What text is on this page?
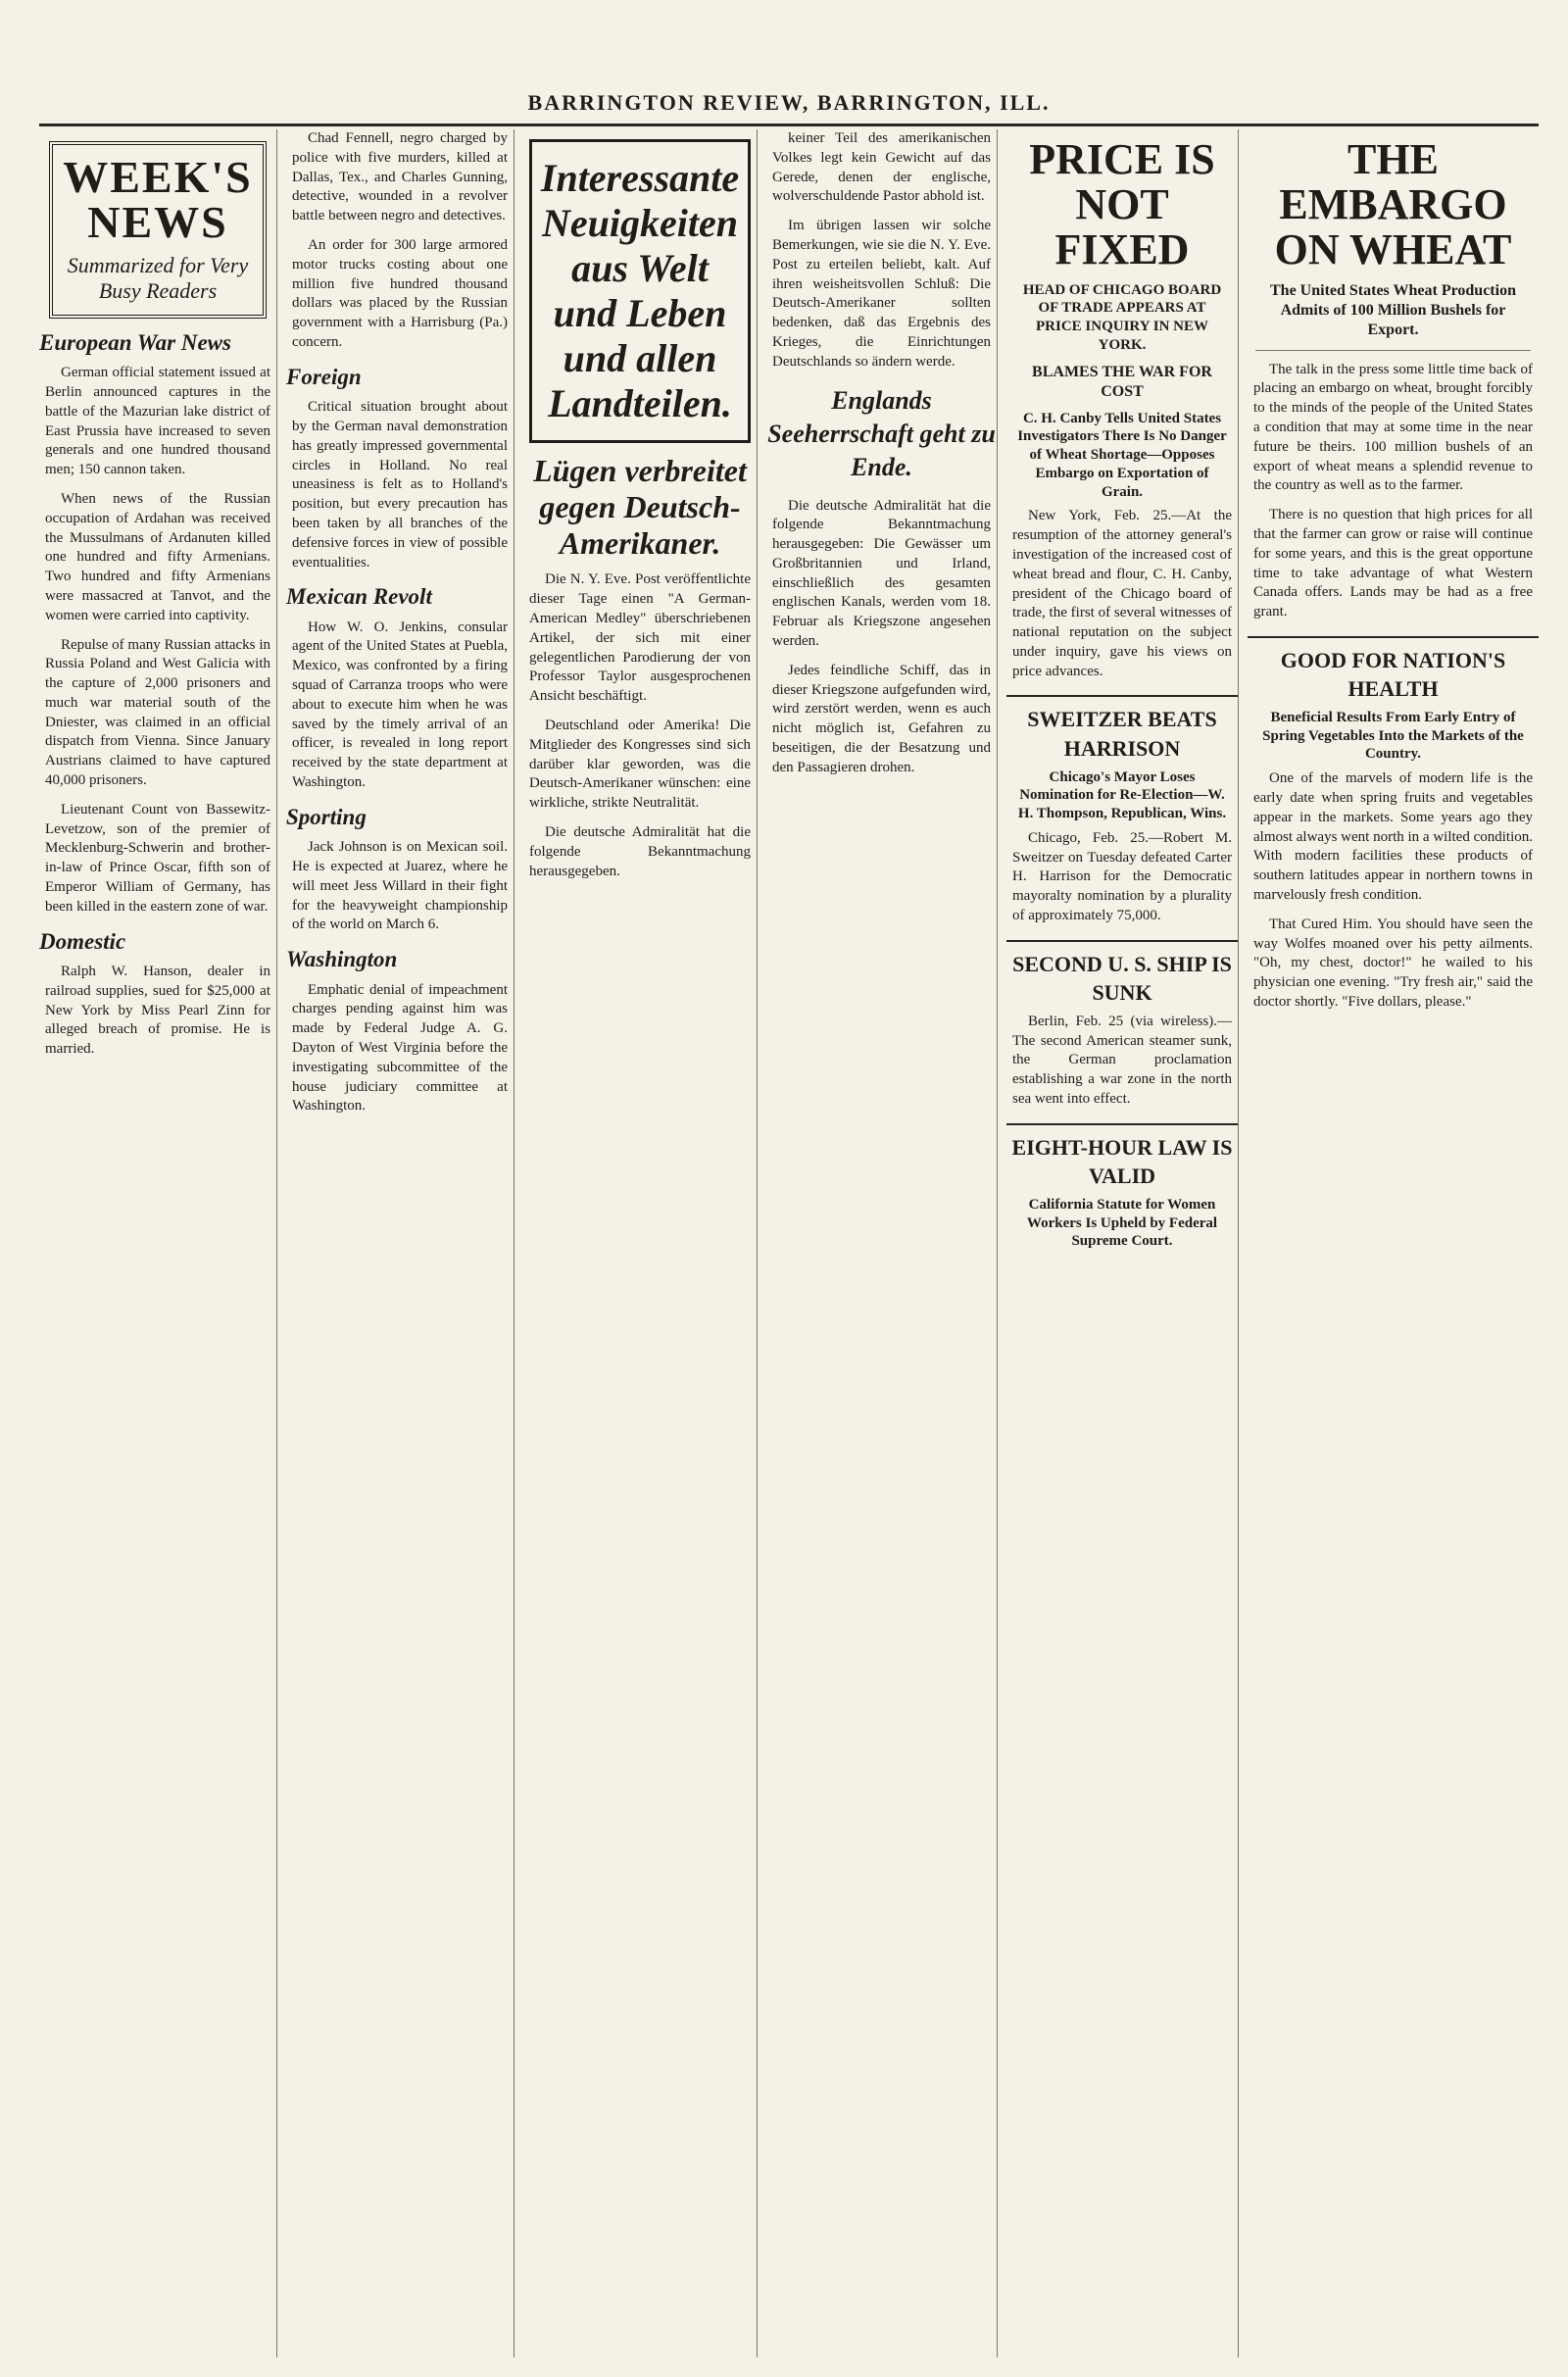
BARRINGTON REVIEW, BARRINGTON, ILL.
WEEK'S NEWS
Summarized for Very Busy Readers
European War News

German official statement issued at Berlin announced captures in the battle of the Mazurian lake district of East Prussia have increased to seven generals and one hundred thousand men; 150 cannon taken.

When news of the Russian occupation of Ardahan was received the Mussulmans of Ardanuten killed one hundred and fifty Armenians. Two hundred and fifty Armenians were massacred at Tanvot, and the women were carried into captivity.

Repulse of many Russian attacks in Russia Poland and West Galicia with the capture of 2,000 prisoners and much war material south of the Dniester, was claimed in an official dispatch from Vienna. Since January Austrians claimed to have captured 40,000 prisoners.

Lieutenant Count von Bassewitz-Levetzow, son of the premier of Mecklenburg-Schwerin and brother-in-law of Prince Oscar, fifth son of Emperor William of Germany, has been killed in the eastern zone of war.

Domestic

Ralph W. Hanson, dealer in railroad supplies, sued for $25,000 at New York by Miss Pearl Zinn for alleged breach of promise. He is married.

Chad Fennell, negro charged by police with five murders, killed at Dallas, Tex., and Charles Gunning, detective, wounded in a revolver battle between negro and detectives.

An order for 300 large armored motor trucks costing about one million five hundred thousand dollars was placed by the Russian government with a Harrisburg (Pa.) concern.

Foreign

Critical situation brought about by the German naval demonstration has greatly impressed governmental circles in Holland. No real uneasiness is felt as to Holland's position, but every precaution has been taken by all branches of the defensive forces in view of possible eventualities.

Mexican Revolt

How W. O. Jenkins, consular agent of the United States at Puebla, Mexico, was confronted by a firing squad of Carranza troops who were about to execute him when he was saved by the timely arrival of an officer, is revealed in long report received by the state department at Washington.

Sporting

Jack Johnson is on Mexican soil. He is expected at Juarez, where he will meet Jess Willard in their fight for the heavyweight championship of the world on March 6.

Washington

Emphatic denial of impeachment charges pending against him was made by Federal Judge A. G. Dayton of West Virginia before the investigating subcommittee of the house judiciary committee at Washington.

Interessante Neuigkeiten aus Welt und Leben und allen Landteilen.
Lügen verbreitet gegen Deutsch-Amerikaner.

Die N. Y. Eve. Post veröffentlichte dieser Tage einen "A German-American Medley" überschriebenen Artikel, der sich mit einer gelegentlichen Parodierung der von Professor Taylor ausgesprochenen Ansicht beschäftigt.

Deutschland oder Amerika! Die Mitglieder des Kongresses sind sich darüber klar geworden, was die Deutsch-Amerikaner wünschen: eine wirkliche, strikte Neutralität.

Die deutsche Admiralität hat die folgende Bekanntmachung herausgegeben.

keiner Teil des amerikanischen Volkes legt kein Gewicht auf das Gerede, denen der englische, wolverschuldende Pastor abhold ist.

Im übrigen lassen wir solche Bemerkungen, wie sie die N. Y. Eve. Post zu erteilen beliebt, kalt. Auf ihren weisheitsvollen Schluß: Die Deutsch-Amerikaner sollten bedenken, daß das Ergebnis des Krieges, die Einrichtungen Deutschlands so ändern werde.

Englands Seeherrschaft geht zu Ende.

Die deutsche Admiralität hat die folgende Bekanntmachung herausgegeben: Die Gewässer um Großbritannien und Irland, einschließlich des gesamten englischen Kanals, werden vom 18. Februar als Kriegszone angesehen werden.

Jedes feindliche Schiff, das in dieser Kriegszone aufgefunden wird, wird zerstört werden, wenn es auch nicht möglich ist, Gefahren zu beseitigen, die der Besatzung und den Passagieren drohen.

PRICE IS NOT FIXED
HEAD OF CHICAGO BOARD OF TRADE APPEARS AT PRICE INQUIRY IN NEW YORK.
BLAMES THE WAR FOR COST
C. H. Canby Tells United States Investigators There Is No Danger of Wheat Shortage—Opposes Embargo on Exportation of Grain.

New York, Feb. 25.—At the resumption of the attorney general's investigation of the increased cost of wheat bread and flour, C. H. Canby, president of the Chicago board of trade, the first of several witnesses of national reputation on the subject under inquiry, gave his views on price advances.

SWEITZER BEATS HARRISON
Chicago's Mayor Loses Nomination for Re-Election—W. H. Thompson, Republican, Wins.

Chicago, Feb. 25.—Robert M. Sweitzer on Tuesday defeated Carter H. Harrison for the Democratic mayoralty nomination by a plurality of approximately 75,000.

SECOND U. S. SHIP IS SUNK

Berlin, Feb. 25 (via wireless).—The second American steamer sunk, the German proclamation establishing a war zone in the north sea went into effect.

EIGHT-HOUR LAW IS VALID
California Statute for Women Workers Is Upheld by Federal Supreme Court.
THE EMBARGO ON WHEAT
The United States Wheat Production Admits of 100 Million Bushels for Export.

The talk in the press some little time back of placing an embargo on wheat, brought forcibly to the minds of the people of the United States a condition that may at some time in the near future be theirs. 100 million bushels of an export of wheat means a splendid revenue to the country as well as to the farmer.

There is no question that high prices for all that the farmer can grow or raise will continue for some years, and this is the great opportune time to take advantage of what Western Canada offers. Lands may be had as a free grant.

GOOD FOR NATION'S HEALTH
Beneficial Results From Early Entry of Spring Vegetables Into the Markets of the Country.

One of the marvels of modern life is the early date when spring fruits and vegetables appear in the markets. Some years ago they almost always went north in a wilted condition. With modern facilities these products of southern latitudes appear in northern towns in marvelously fresh condition.

That Cured Him. You should have seen the way Wolfes moaned over his petty ailments. "Oh, my chest, doctor!" he wailed to his physician one evening. "Try fresh air," said the doctor shortly. "Five dollars, please."
